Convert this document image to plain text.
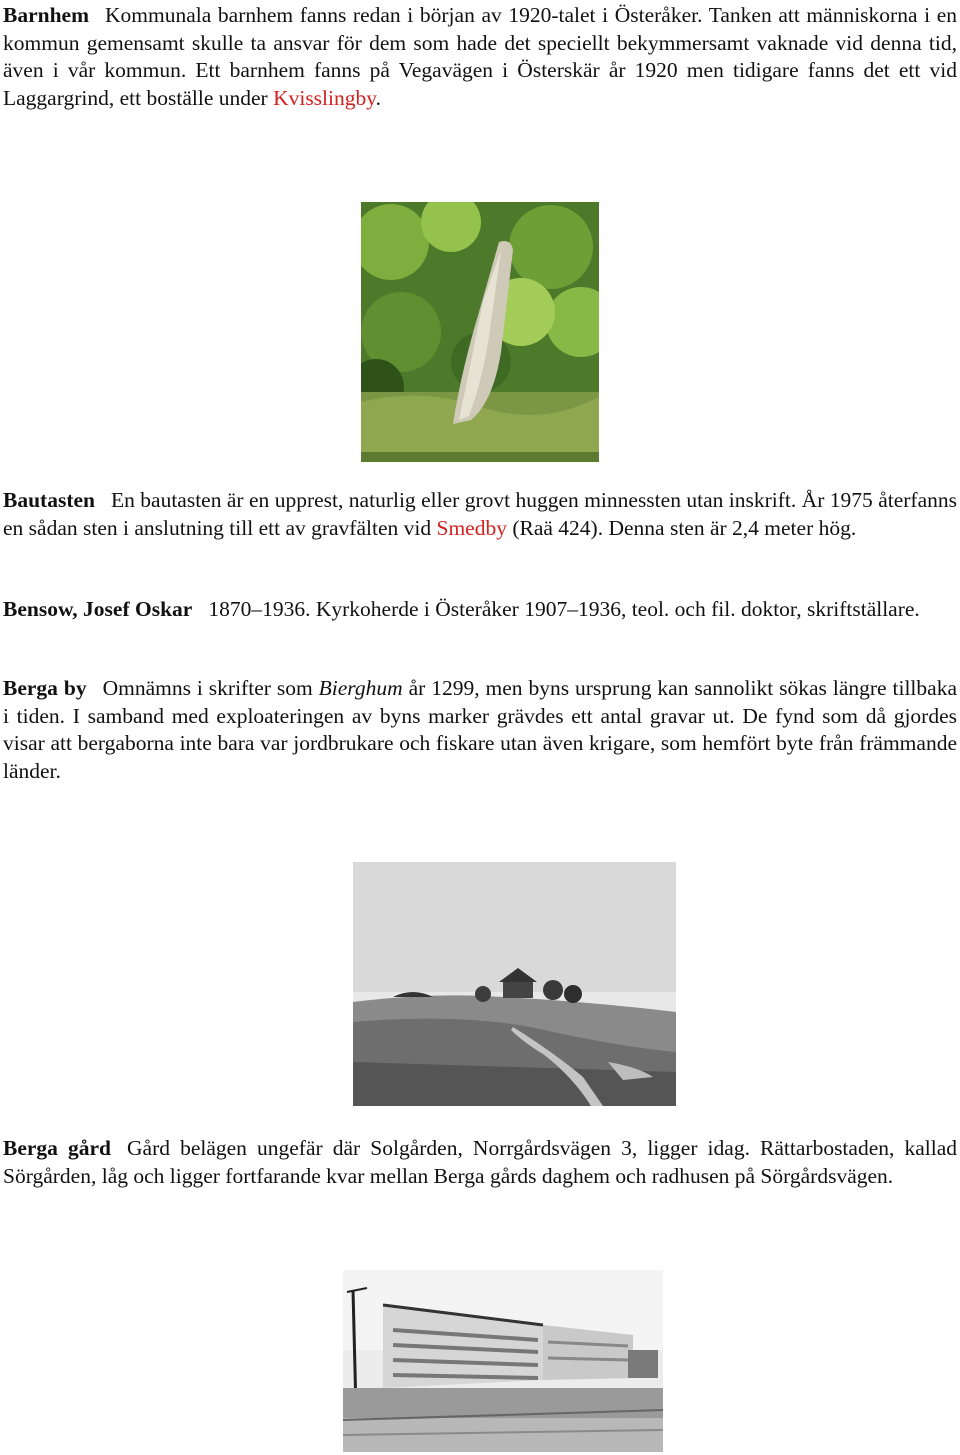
Barnhem Kommunala barnhem fanns redan i början av 1920-talet i Österåker. Tanken att människorna i en kommun gemensamt skulle ta ansvar för dem som hade det speciellt bekymmersamt vaknade vid denna tid, även i vår kommun. Ett barnhem fanns på Vegavägen i Österskär år 1920 men tidigare fanns det ett vid Laggargrind, ett boställe under Kvisslingby.

Bautasten En bautasten är en upprest, naturlig eller grovt huggen minnessten utan inskrift. År 1975 återfanns en sådan sten i anslutning till ett av gravfälten vid Smedby (Raä 424). Denna sten är 2,4 meter hög.

Bensow, Josef Oskar 1870–1936. Kyrkoherde i Österåker 1907–1936, teol. och fil. doktor, skriftställare.

Berga by Omnämns i skrifter som Bierghum år 1299, men byns ursprung kan sannolikt sökas längre tillbaka i tiden. I samband med exploateringen av byns marker grävdes ett antal gravar ut. De fynd som då gjordes visar att bergaborna inte bara var jordbrukare och fiskare utan även krigare, som hemfört byte från främmande länder.

Berga gård Gård belägen ungefär där Solgården, Norrgårdsvägen 3, ligger idag. Rättarbostaden, kallad Sörgården, låg och ligger fortfarande kvar mellan Berga gårds daghem och radhusen på Sörgårdsvägen.
